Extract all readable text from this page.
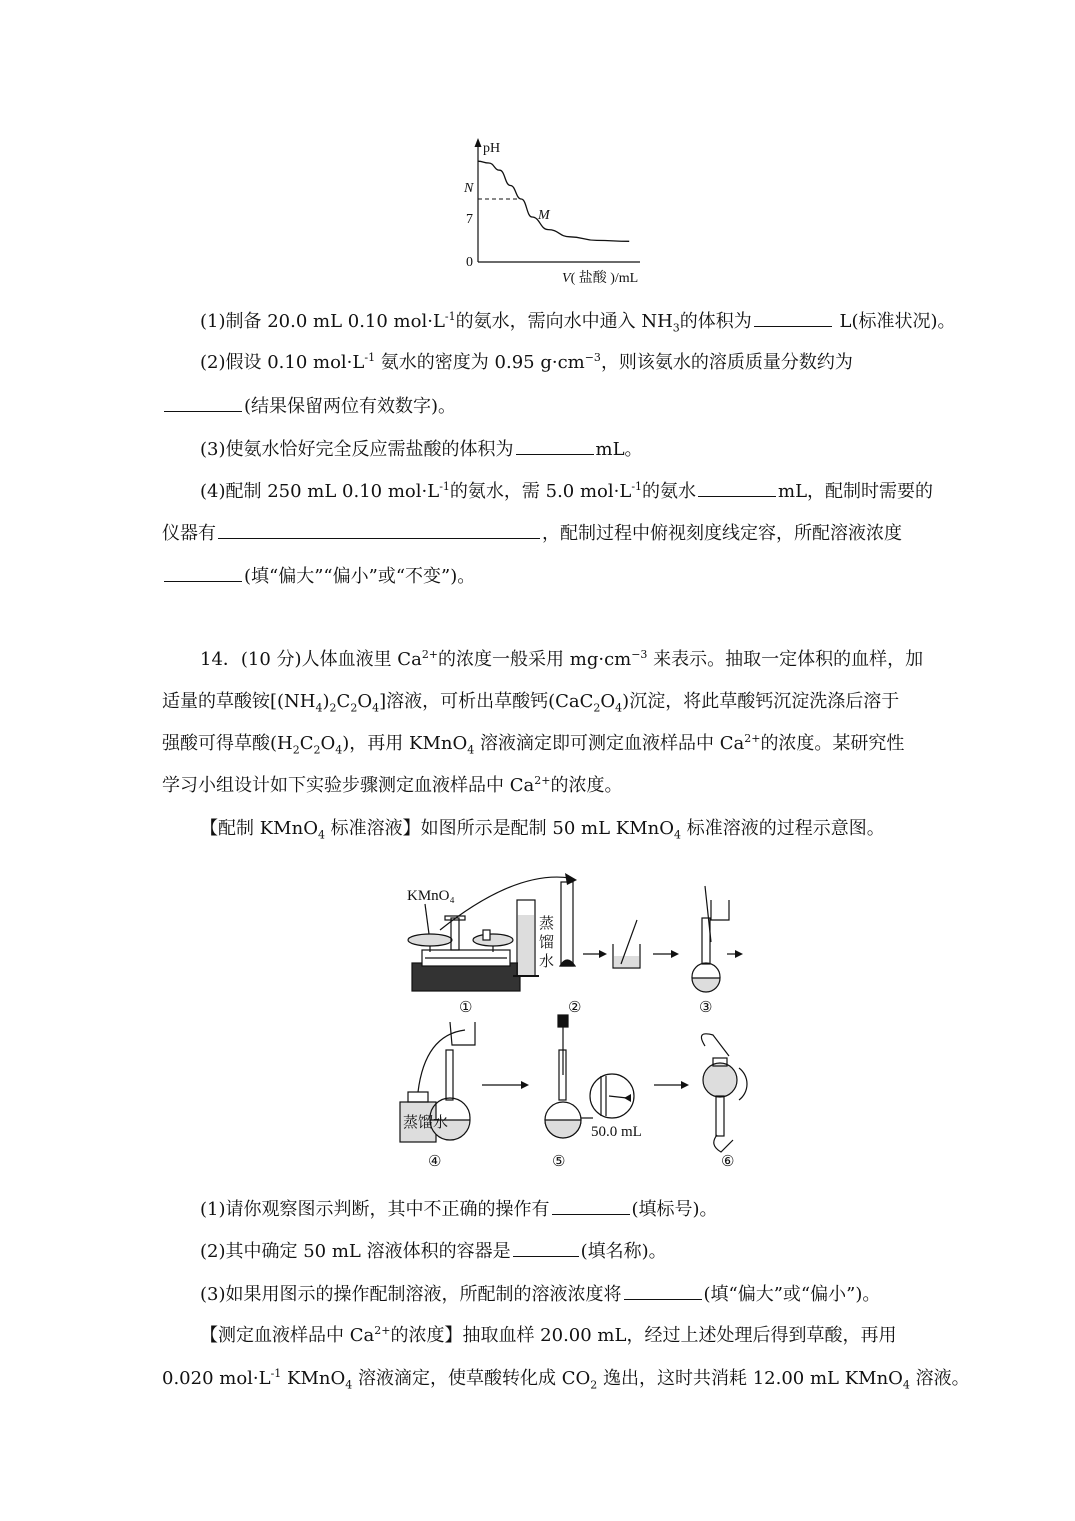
pH
N
7
0
M
V( 盐酸 )/mL
(1)制备 20.0 mL 0.10 $mol\cdot L^{-1}$的氨水，需向水中通入 $NH_3$的体积为	L(标准状况)。
(2)假设 0.10 $mol\cdot L^{-1}$ 氨水的密度为 0.95 $g\cdot cm^{-3}$，则该氨水的溶质质量分数约为
(结果保留两位有效数字)。
(3)使氨水恰好完全反应需盐酸的体积为	mL。
(4)配制 250 mL 0.10 $mol\cdot L^{-1}$的氨水，需 5.0 $mol\cdot L^{-1}$的氨水	mL，配制时需要的
仪器有	，配制过程中俯视刻度线定容，所配溶液浓度
(填“偏大”“偏小”或“不变”)。
14．(10 分)人体血液里 $Ca^{2+}$的浓度一般采用 $mg\cdot cm^{-3}$ 来表示。抽取一定体积的血样，加
适量的草酸铵$[(NH_4)_2C_2O_4]$溶液，可析出草酸钙$(CaC_2O_4)$沉淀，将此草酸钙沉淀洗涤后溶于
强酸可得草酸$(H_2C_2O_4)$，再用 KMnO$_4$ 溶液滴定即可测定血液样品中 $Ca^{2+}$的浓度。某研究性
学习小组设计如下实验步骤测定血液样品中 $Ca^{2+}$的浓度。
【配制 KMnO$_4$ 标准溶液】如图所示是配制 50 mL KMnO$_4$ 标准溶液的过程示意图。
KMnO₄
蒸
馏
水
蒸馏水
50.0 mL
①	②	③
④	⑤	⑥
(1)请你观察图示判断，其中不正确的操作有	(填标号)。
(2)其中确定 50 mL 溶液体积的容器是	(填名称)。
(3)如果用图示的操作配制溶液，所配制的溶液浓度将	(填“偏大”或“偏小”)。
【测定血液样品中 $Ca^{2+}$的浓度】抽取血样 20.00 mL，经过上述处理后得到草酸，再用
0.020 $mol\cdot L^{-1}$ KMnO$_4$ 溶液滴定，使草酸转化成 $CO_2$ 逸出，这时共消耗 12.00 mL KMnO$_4$ 溶液。
